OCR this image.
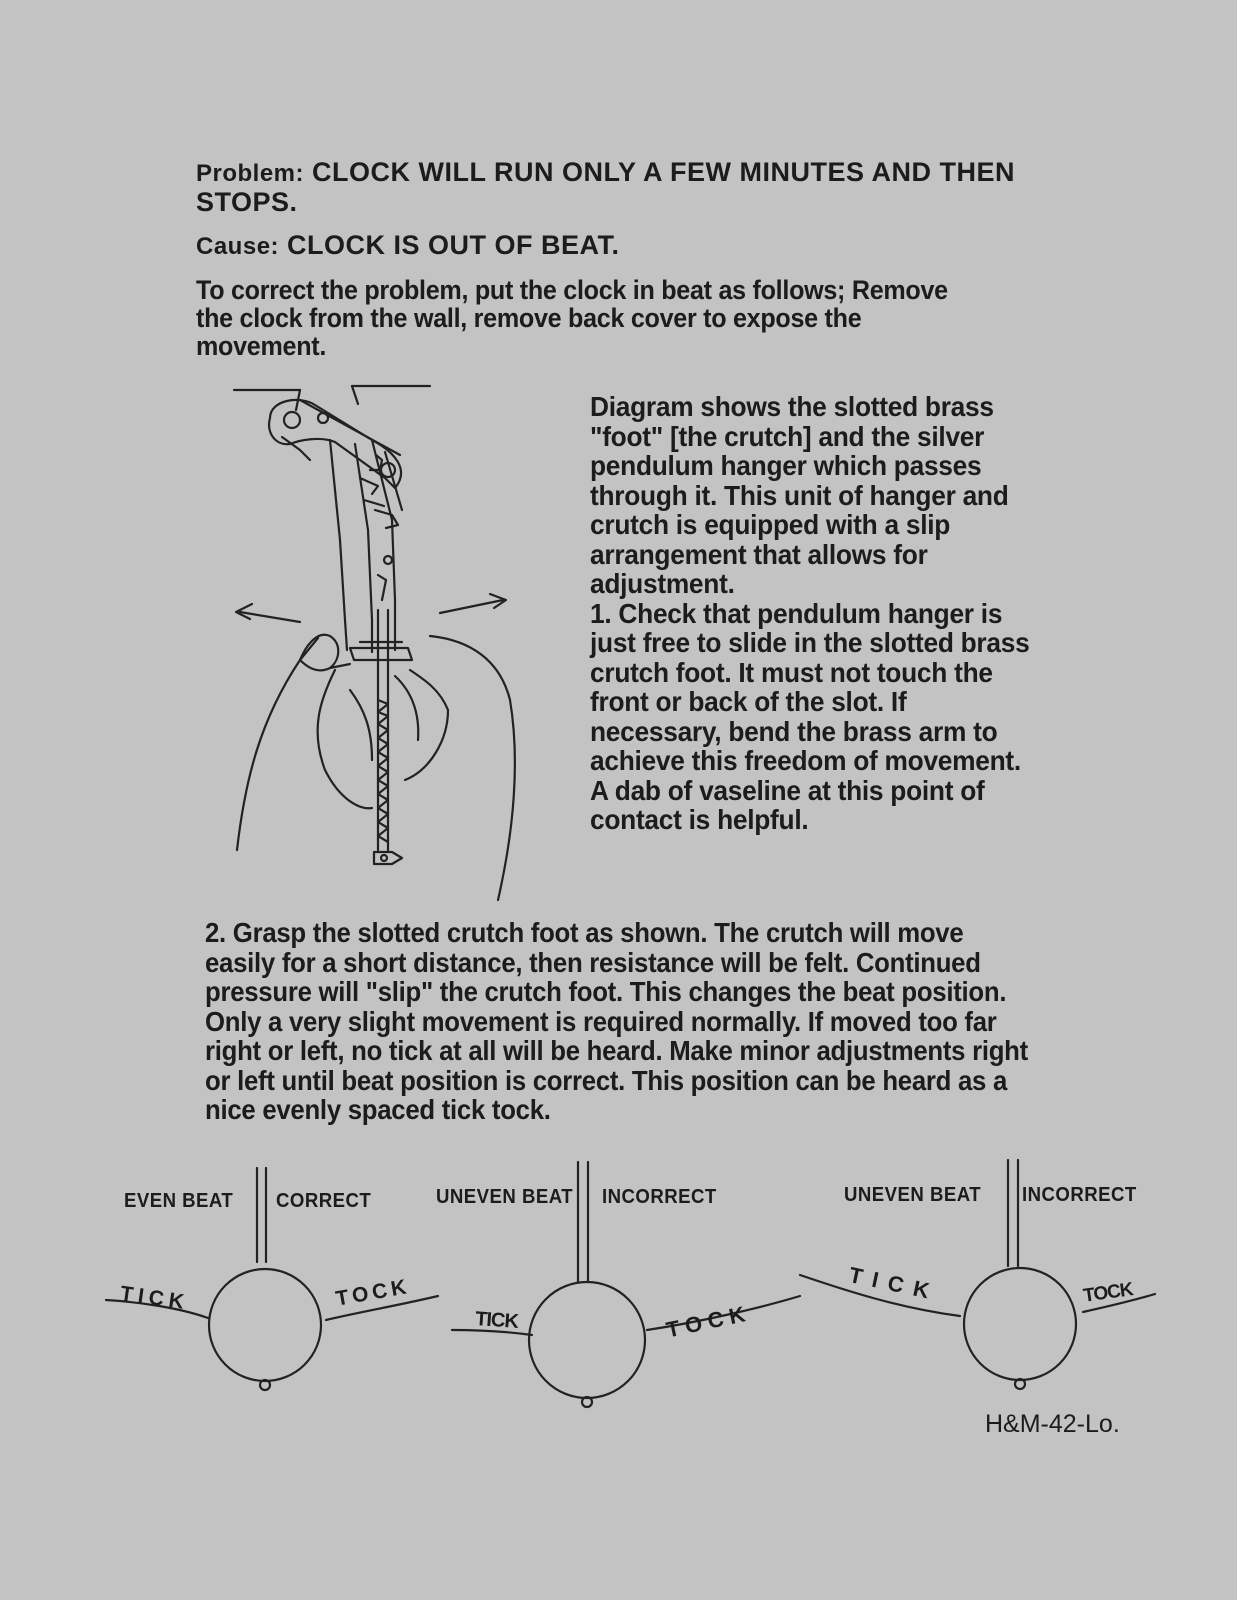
Problem: CLOCK WILL RUN ONLY A FEW MINUTES AND THEN STOPS.
Cause: CLOCK IS OUT OF BEAT.

To correct the problem, put the clock in beat as follows; Remove the clock from the wall, remove back cover to expose the movement.

Diagram shows the slotted brass "foot" [the crutch] and the silver pendulum hanger which passes through it. This unit of hanger and crutch is equipped with a slip arrangement that allows for adjustment.

1. Check that pendulum hanger is just free to slide in the slotted brass crutch foot. It must not touch the front or back of the slot. If necessary, bend the brass arm to achieve this freedom of movement. A dab of vaseline at this point of contact is helpful.

2. Grasp the slotted crutch foot as shown. The crutch will move easily for a short distance, then resistance will be felt. Continued pressure will "slip" the crutch foot. This changes the beat position. Only a very slight movement is required normally. If moved too far right or left, no tick at all will be heard. Make minor adjustments right or left until beat position is correct. This position can be heard as a nice evenly spaced tick tock.

EVEN BEAT CORRECT
TICK	TOCK
UNEVEN BEAT INCORRECT
TICK	TOCK
UNEVEN BEAT INCORRECT
TICK	TOCK
H&M-42-Lo.
